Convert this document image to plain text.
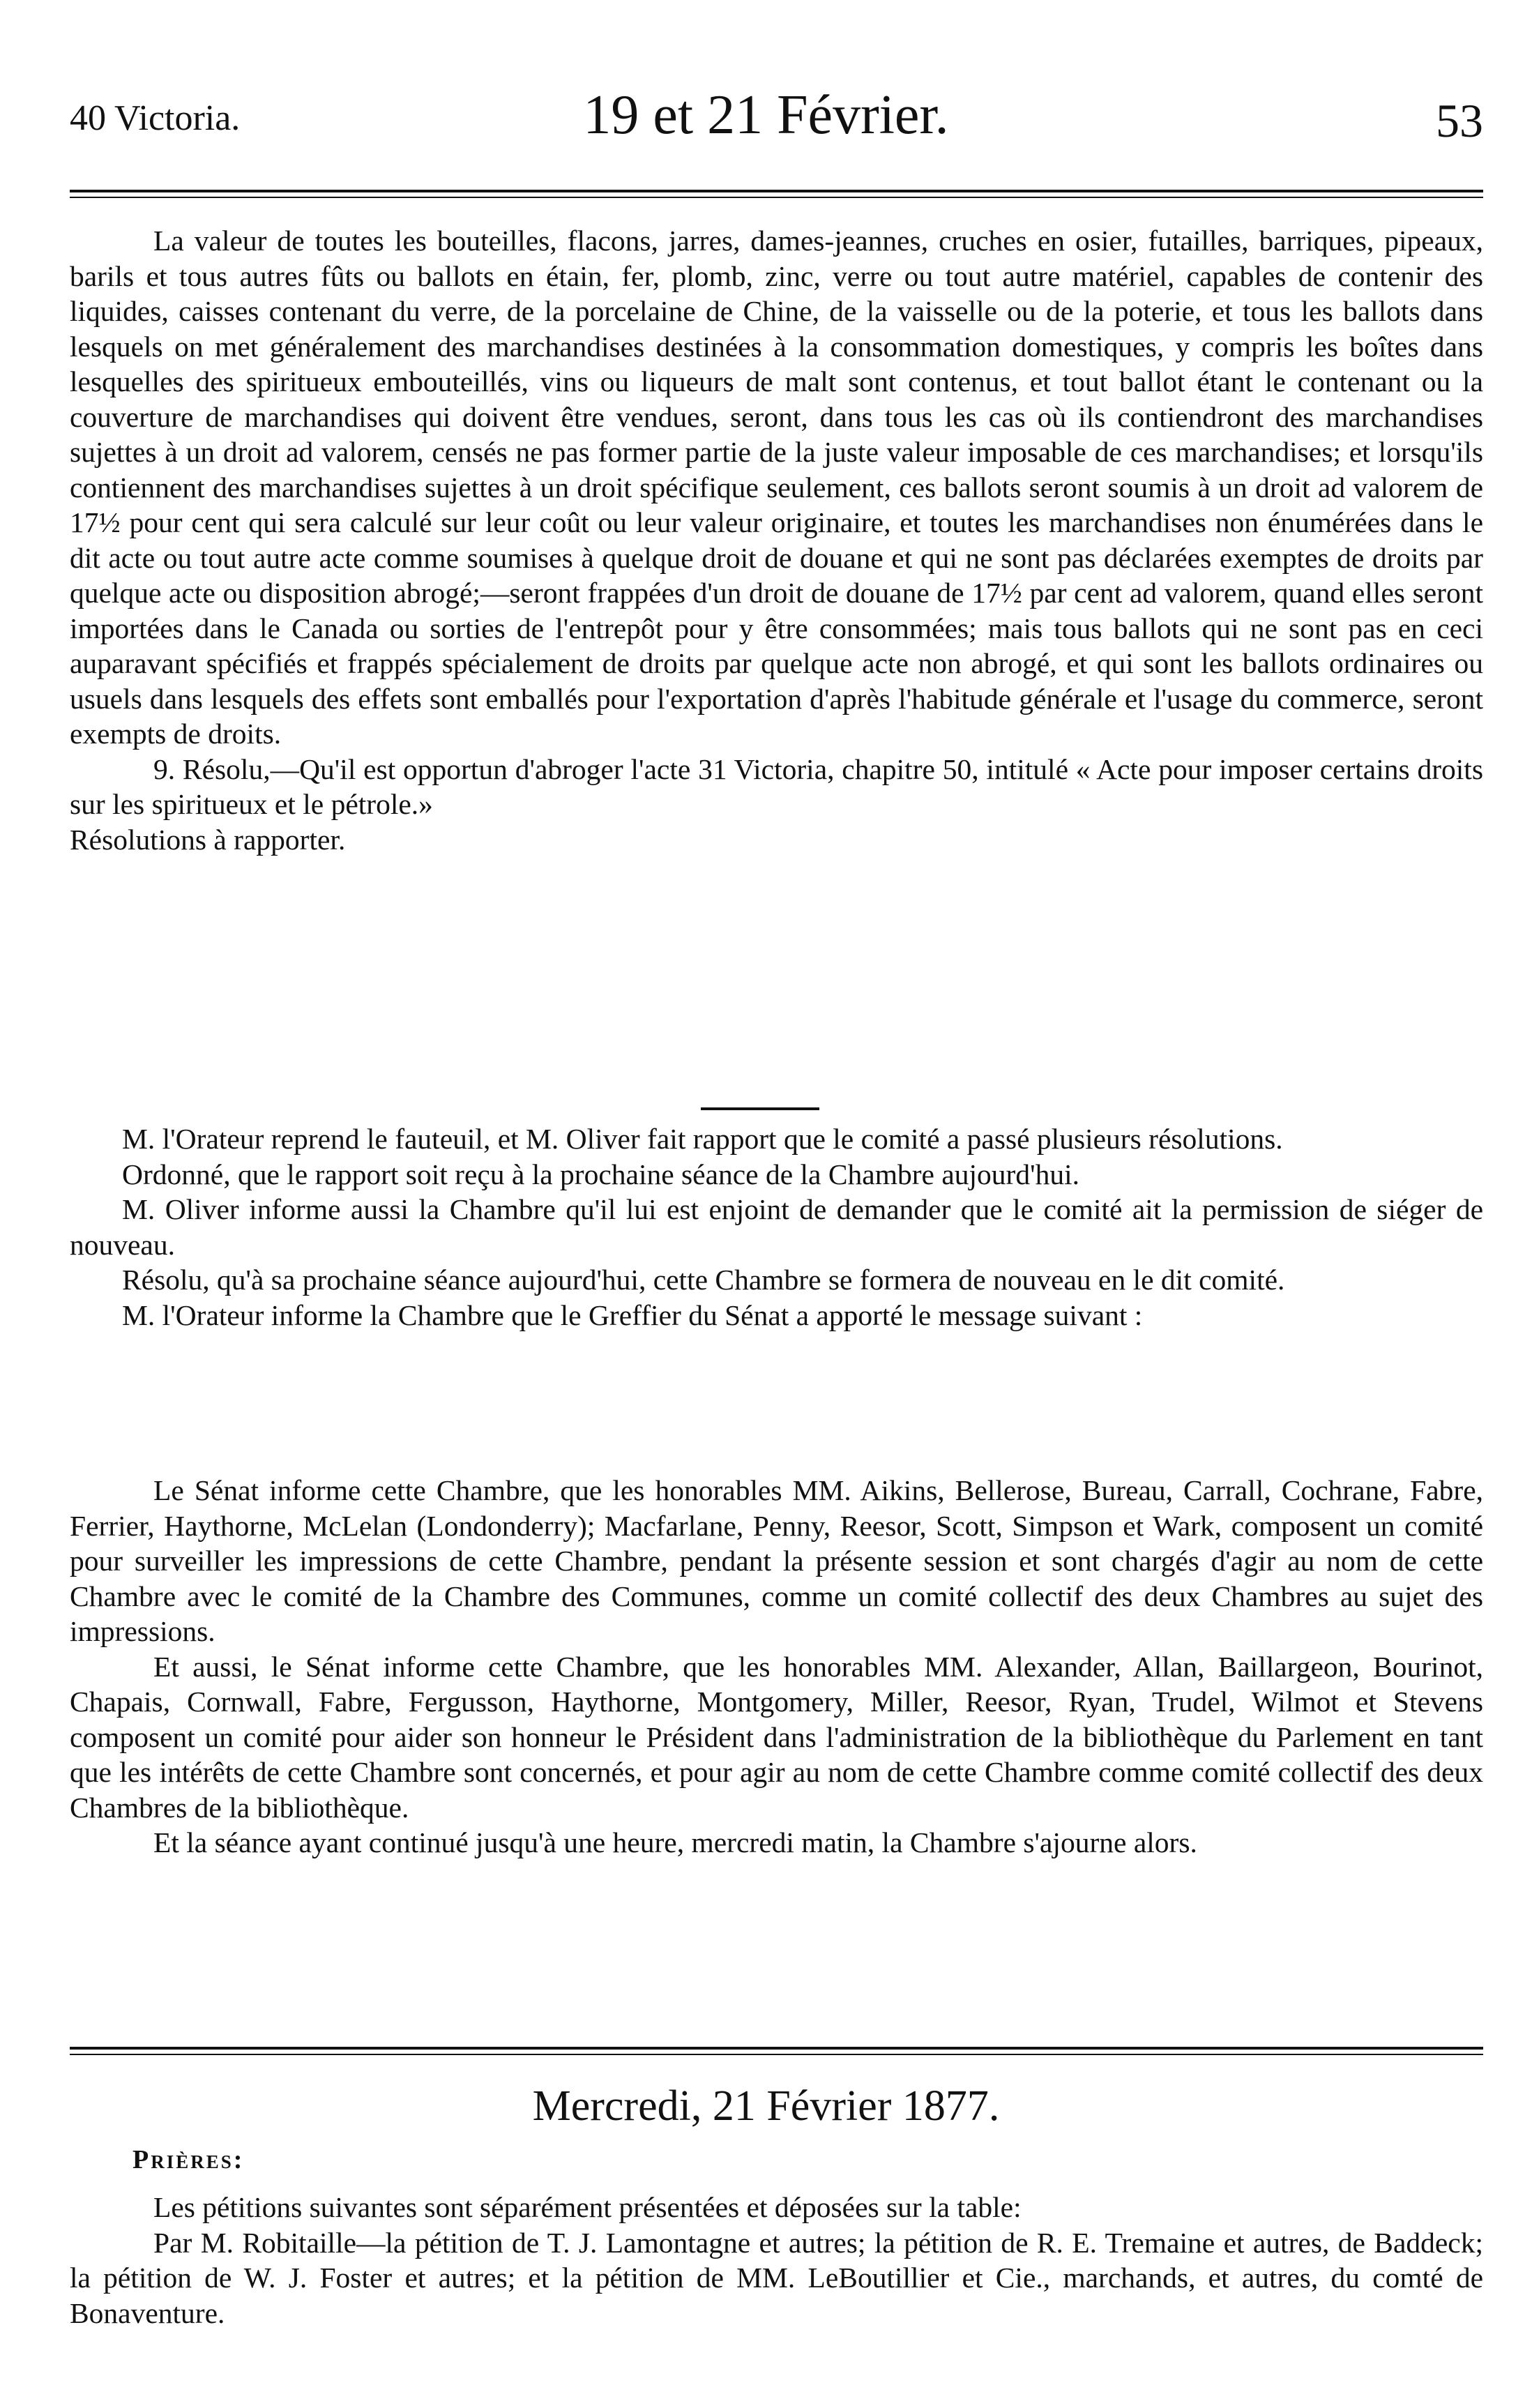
40 Victoria.	19 et 21 Février.	53

La valeur de toutes les bouteilles, flacons, jarres, dames-jeannes, cruches en osier, futailles, barriques, pipeaux, barils et tous autres fûts ou ballots en étain, fer, plomb, zinc, verre ou tout autre matériel, capables de contenir des liquides, caisses contenant du verre, de la porcelaine de Chine, de la vaisselle ou de la poterie, et tous les ballots dans lesquels on met généralement des marchandises destinées à la consommation domestiques, y compris les boîtes dans lesquelles des spiritueux embouteillés, vins ou liqueurs de malt sont contenus, et tout ballot étant le contenant ou la couverture de marchandises qui doivent être vendues, seront, dans tous les cas où ils contiendront des marchandises sujettes à un droit ad valorem, censés ne pas former partie de la juste valeur imposable de ces marchandises; et lorsqu'ils contiennent des marchandises sujettes à un droit spécifique seulement, ces ballots seront soumis à un droit ad valorem de 17½ pour cent qui sera calculé sur leur coût ou leur valeur originaire, et toutes les marchandises non énumérées dans le dit acte ou tout autre acte comme soumises à quelque droit de douane et qui ne sont pas déclarées exemptes de droits par quelque acte ou disposition abrogé;—seront frappées d'un droit de douane de 17½ par cent ad valorem, quand elles seront importées dans le Canada ou sorties de l'entrepôt pour y être consommées; mais tous ballots qui ne sont pas en ceci auparavant spécifiés et frappés spécialement de droits par quelque acte non abrogé, et qui sont les ballots ordinaires ou usuels dans lesquels des effets sont emballés pour l'exportation d'après l'habitude générale et l'usage du commerce, seront exempts de droits.

9. Résolu,—Qu'il est opportun d'abroger l'acte 31 Victoria, chapitre 50, intitulé « Acte pour imposer certains droits sur les spiritueux et le pétrole.»

Résolutions à rapporter.

M. l'Orateur reprend le fauteuil, et M. Oliver fait rapport que le comité a passé plusieurs résolutions.

Ordonné, que le rapport soit reçu à la prochaine séance de la Chambre aujourd'hui.

M. Oliver informe aussi la Chambre qu'il lui est enjoint de demander que le comité ait la permission de siéger de nouveau.

Résolu, qu'à sa prochaine séance aujourd'hui, cette Chambre se formera de nouveau en le dit comité.

M. l'Orateur informe la Chambre que le Greffier du Sénat a apporté le message suivant :

Le Sénat informe cette Chambre, que les honorables MM. Aikins, Bellerose, Bureau, Carrall, Cochrane, Fabre, Ferrier, Haythorne, McLelan (Londonderry); Macfarlane, Penny, Reesor, Scott, Simpson et Wark, composent un comité pour surveiller les impressions de cette Chambre, pendant la présente session et sont chargés d'agir au nom de cette Chambre avec le comité de la Chambre des Communes, comme un comité collectif des deux Chambres au sujet des impressions.

Et aussi, le Sénat informe cette Chambre, que les honorables MM. Alexander, Allan, Baillargeon, Bourinot, Chapais, Cornwall, Fabre, Fergusson, Haythorne, Montgomery, Miller, Reesor, Ryan, Trudel, Wilmot et Stevens composent un comité pour aider son honneur le Président dans l'administration de la bibliothèque du Parlement en tant que les intérêts de cette Chambre sont concernés, et pour agir au nom de cette Chambre comme comité collectif des deux Chambres de la bibliothèque.

Et la séance ayant continué jusqu'à une heure, mercredi matin, la Chambre s'ajourne alors.

Mercredi, 21 Février 1877.
Prières:

Les pétitions suivantes sont séparément présentées et déposées sur la table:

Par M. Robitaille—la pétition de T. J. Lamontagne et autres; la pétition de R. E. Tremaine et autres, de Baddeck; la pétition de W. J. Foster et autres; et la pétition de MM. LeBoutillier et Cie., marchands, et autres, du comté de Bonaventure.
